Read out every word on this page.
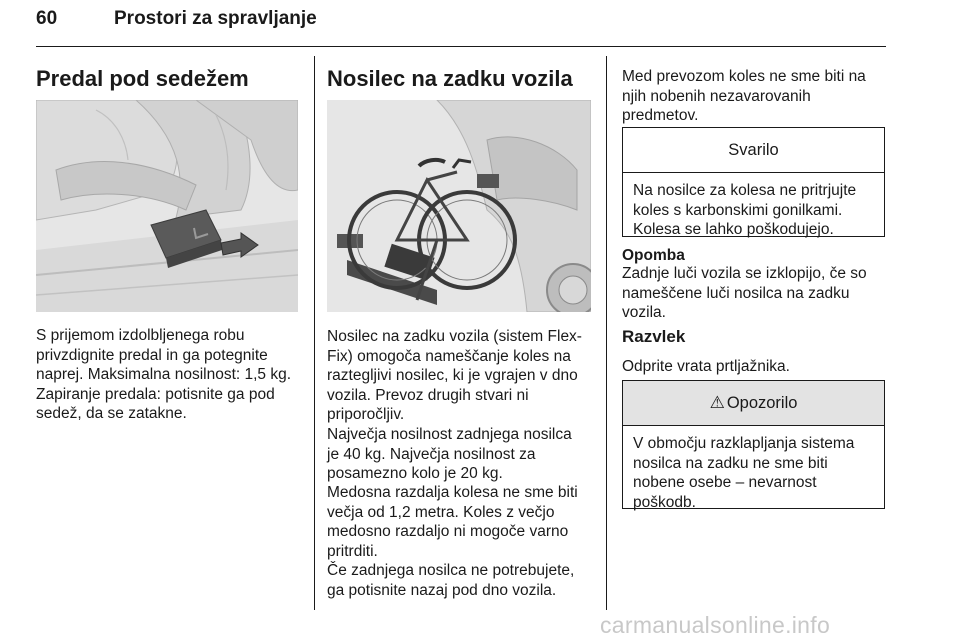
60	Prostori za spravljanje
Predal pod sedežem
S prijemom izdolbljenega robu
privzdignite predal in ga potegnite
naprej. Maksimalna nosilnost: 1,5 kg.
Zapiranje predala: potisnite ga pod
sedež, da se zatakne.
Nosilec na zadku vozila
Nosilec na zadku vozila (sistem Flex-
Fix) omogoča nameščanje koles na
raztegljivi nosilec, ki je vgrajen v dno
vozila. Prevoz drugih stvari ni
priporočljiv.
Največja nosilnost zadnjega nosilca
je 40 kg. Največja nosilnost za
posamezno kolo je 20 kg.
Medosna razdalja kolesa ne sme biti
večja od 1,2 metra. Koles z večjo
medosno razdaljo ni mogoče varno
pritrditi.
Če zadnjega nosilca ne potrebujete,
ga potisnite nazaj pod dno vozila.
Med prevozom koles ne sme biti na
njih nobenih nezavarovanih
predmetov.
Svarilo
Na nosilce za kolesa ne pritrjujte
koles s karbonskimi gonilkami.
Kolesa se lahko poškodujejo.
Opomba
Zadnje luči vozila se izklopijo, če so
nameščene luči nosilca na zadku
vozila.
Razvlek
Odprite vrata prtljažnika.
⚠ Opozorilo
V območju razklapljanja sistema
nosilca na zadku ne sme biti
nobene osebe – nevarnost
poškodb.
carmanualsonline.info
